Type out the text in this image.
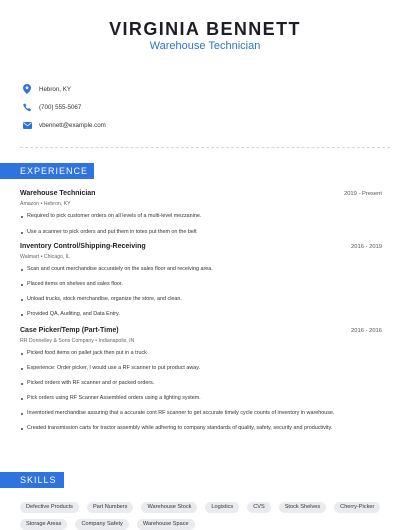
VIRGINIA BENNETT
Warehouse Technician
Hebron, KY
(700) 555-5067
vbennett@example.com
EXPERIENCE
Warehouse Technician	2019 - Present
Amazon • Hebron, KY
Required to pick customer orders on all levels of a multi-level mezzanine.
Use a scanner to pick orders and put them in totes put them on the belt
Inventory Control/Shipping-Receiving	2016 - 2019
Walmart • Chicago, IL
Scan and count merchandise accurately on the sales floor and receiving area.
Placed items on shelves and sales floor.
Unload trucks, stock merchandise, organize the store, and clean.
Provided QA, Auditing, and Data Entry.
Case Picker/Temp (Part-Time)	2016 - 2016
RR Donnelley & Sons Company • Indianapolis, IN
Picked food items on pallet jack then put in a truck
Experience: Order picker, I would use a RF scanner to put product away.
Picked orders with RF scanner and or packed orders.
Pick orders using RF Scanner Assembled orders using a lighting system.
Inventoried merchandise assuring that a accurate cont RF scanner to get accurate timely cycle counts of inventory in warehouse.
Created transmission carts for tractor assembly while adhering to company standards of quality, safety, security and productivity.
SKILLS
Defective Products	Part Numbers	Warehouse Stock	Logistics	CVS	Stock Shelves	Cherry-Picker
Storage Areas	Company Safety	Warehouse Space
